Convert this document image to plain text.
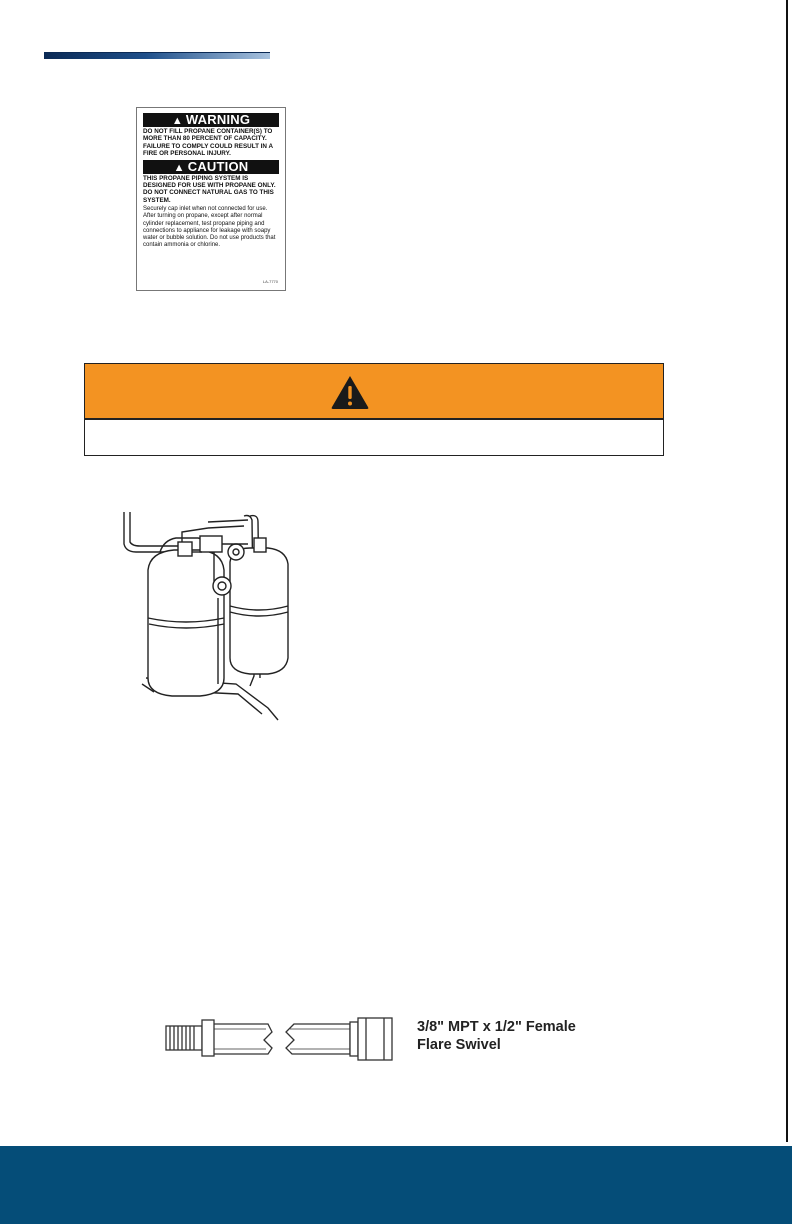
▲ WARNING
DO NOT FILL PROPANE CONTAINER(S) TO MORE THAN 80 PERCENT OF CAPACITY. FAILURE TO COMPLY COULD RESULT IN A FIRE OR PERSONAL INJURY.
▲ CAUTION
THIS PROPANE PIPING SYSTEM IS DESIGNED FOR USE WITH PROPANE ONLY. DO NOT CONNECT NATURAL GAS TO THIS SYSTEM.
Securely cap inlet when not connected for use. After turning on propane, except after normal cylinder replacement, test propane piping and connections to appliance for leakage with soapy water or bubble solution. Do not use products that contain ammonia or chlorine.
LA-7770
3/8" MPT x 1/2" Female
Flare Swivel
